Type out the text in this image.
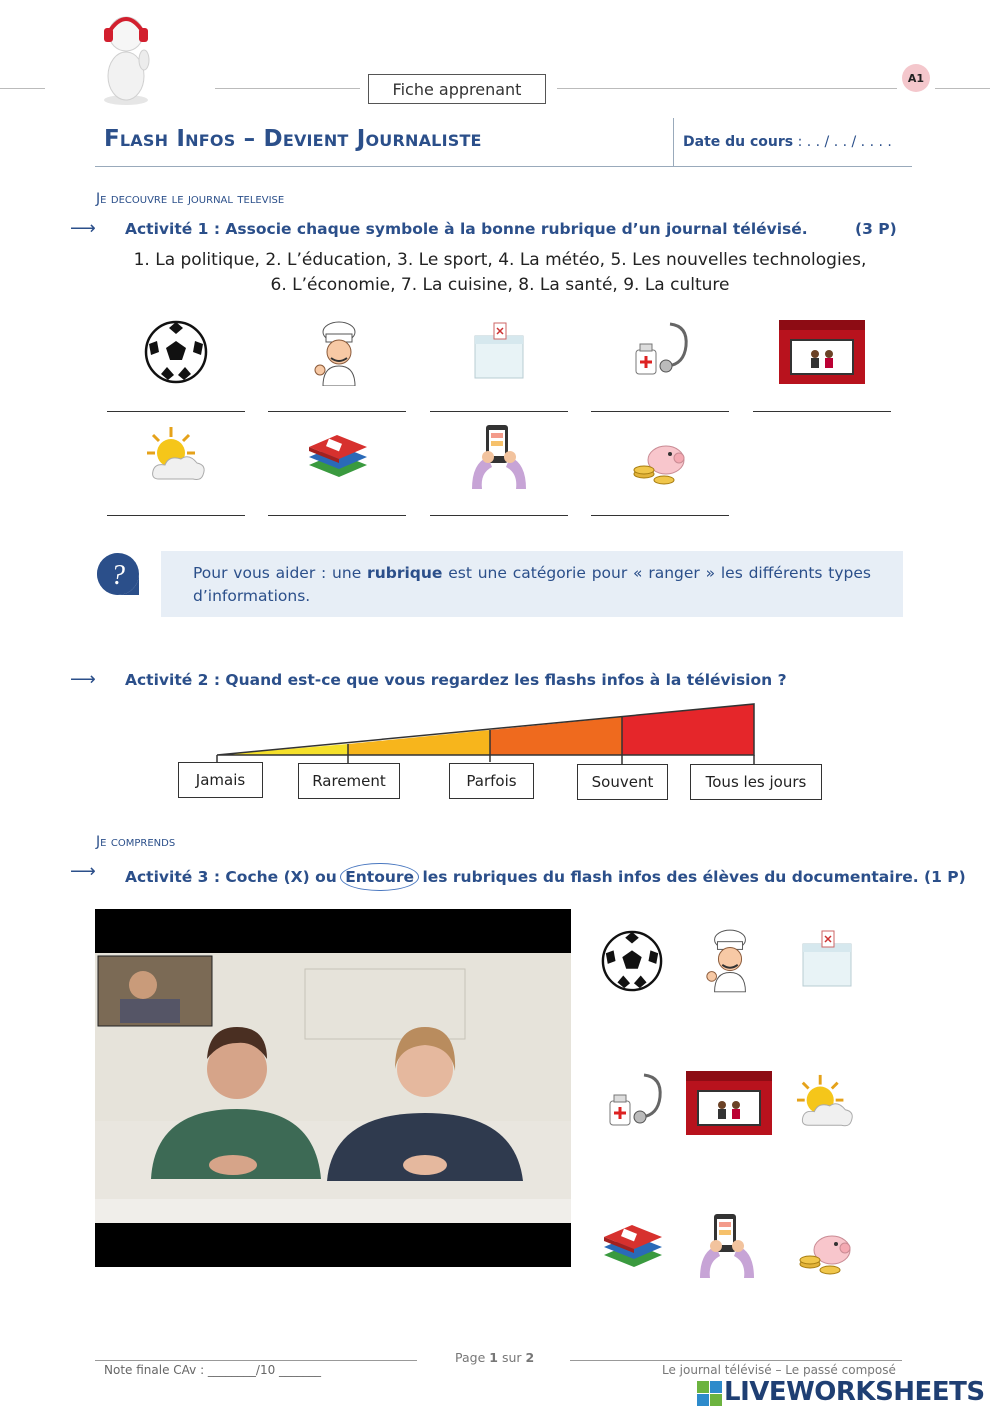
Fiche apprenant
A1
Flash Infos – Devient Journaliste	Date du cours : . . / . . / . . . .
Je decouvre le journal televise
⟶ Activité 1 : Associe chaque symbole à la bonne rubrique d’un journal télévisé.	(3 P)
1. La politique, 2. L’éducation, 3. Le sport, 4. La météo, 5. Les nouvelles technologies,
6. L’économie, 7. La cuisine, 8. La santé, 9. La culture
?	Pour vous aider : une rubrique est une catégorie pour « ranger » les différents types d’informations.
⟶ Activité 2 : Quand est-ce que vous regardez les flashs infos à la télévision ?
Jamais	Rarement	Parfois	Souvent	Tous les jours
Je comprends
⟶ Activité 3 : Coche (X) ou Entoure les rubriques du flash infos des élèves du documentaire. (1 P)
Note finale CAv : ________/10 _______
Page 1 sur 2
Le journal télévisé – Le passé composé
LIVEWORKSHEETS
